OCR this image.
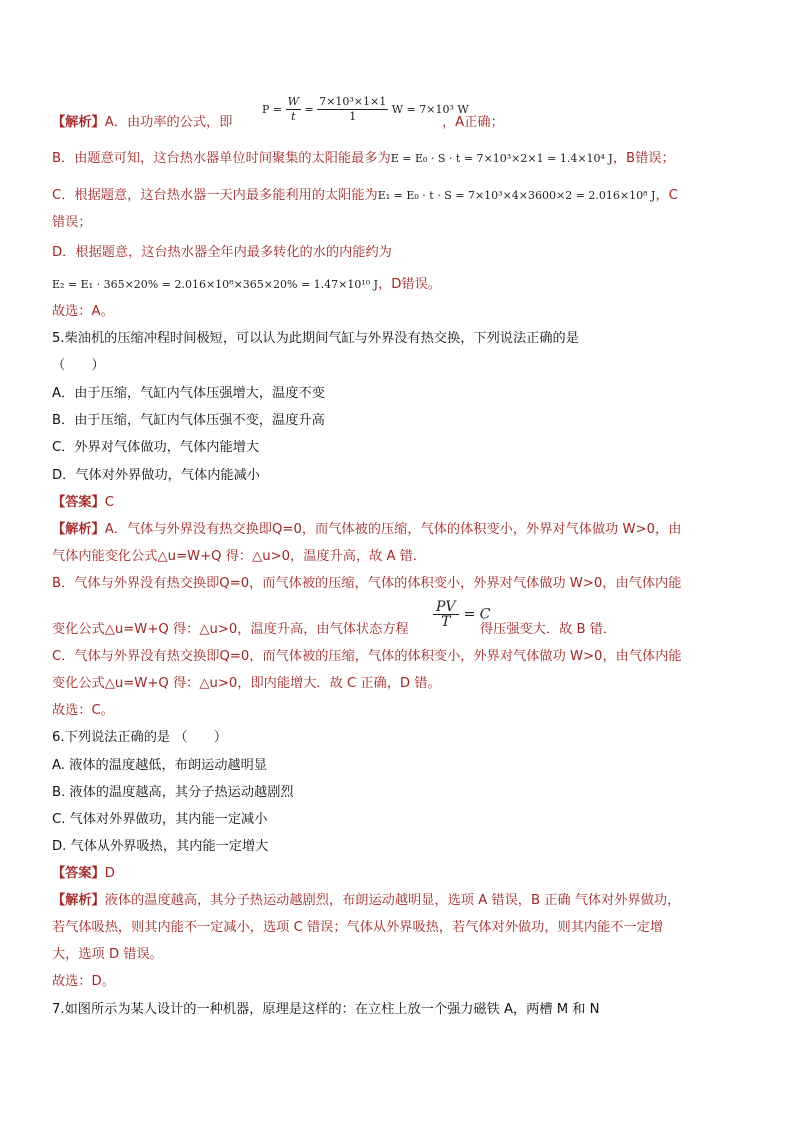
【解析】A．由功率的公式，即
$P = \frac{W}{t} = \frac{\text{7×10³×1×1}}{1}$ W = 7×10³ W
，A正确；
B．由题意可知，这台热水器单位时间聚集的太阳能最多为E = E₀ · S · t = 7×10³×2×1 = 1.4×10⁴ J，B错误；
C．根据题意，这台热水器一天内最多能利用的太阳能为E₁ = E₀ · t · S = 7×10³×4×3600×2 = 2.016×10⁸ J，C
错误；
D．根据题意，这台热水器全年内最多转化的水的内能约为
E₂ = E₁ · 365×20% = 2.016×10⁸×365×20% = 1.47×10¹⁰ J，D错误。
故选：A。
5.柴油机的压缩冲程时间极短，可以认为此期间气缸与外界没有热交换，下列说法正确的是
（　　）
A．由于压缩，气缸内气体压强增大，温度不变
B．由于压缩，气缸内气体压强不变，温度升高
C．外界对气体做功，气体内能增大
D．气体对外界做功，气体内能减小
【答案】C
【解析】A．气体与外界没有热交换即Q=0，而气体被的压缩，气体的体积变小，外界对气体做功 W>0，由
气体内能变化公式△u=W+Q 得：△u>0，温度升高，故 A 错．
B．气体与外界没有热交换即Q=0，而气体被的压缩，气体的体积变小，外界对气体做功 W>0，由气体内能
变化公式△u=W+Q 得：△u>0，温度升高，由气体状态方程
$\frac{PV}{T} = C$
得压强变大．故 B 错．
C．气体与外界没有热交换即Q=0，而气体被的压缩，气体的体积变小，外界对气体做功 W>0，由气体内能
变化公式△u=W+Q 得：△u>0，即内能增大．故 C 正确，D 错。
故选：C。
6.下列说法正确的是 （　　）
A. 液体的温度越低，布朗运动越明显
B. 液体的温度越高，其分子热运动越剧烈
C. 气体对外界做功，其内能一定减小
D. 气体从外界吸热，其内能一定增大
【答案】D
【解析】液体的温度越高，其分子热运动越剧烈，布朗运动越明显，选项 A 错误，B 正确 气体对外界做功，
若气体吸热，则其内能不一定减小，选项 C 错误；气体从外界吸热，若气体对外做功，则其内能不一定增
大，选项 D 错误。
故选：D。
7.如图所示为某人设计的一种机器，原理是这样的：在立柱上放一个强力磁铁 A，两槽 M 和 N
